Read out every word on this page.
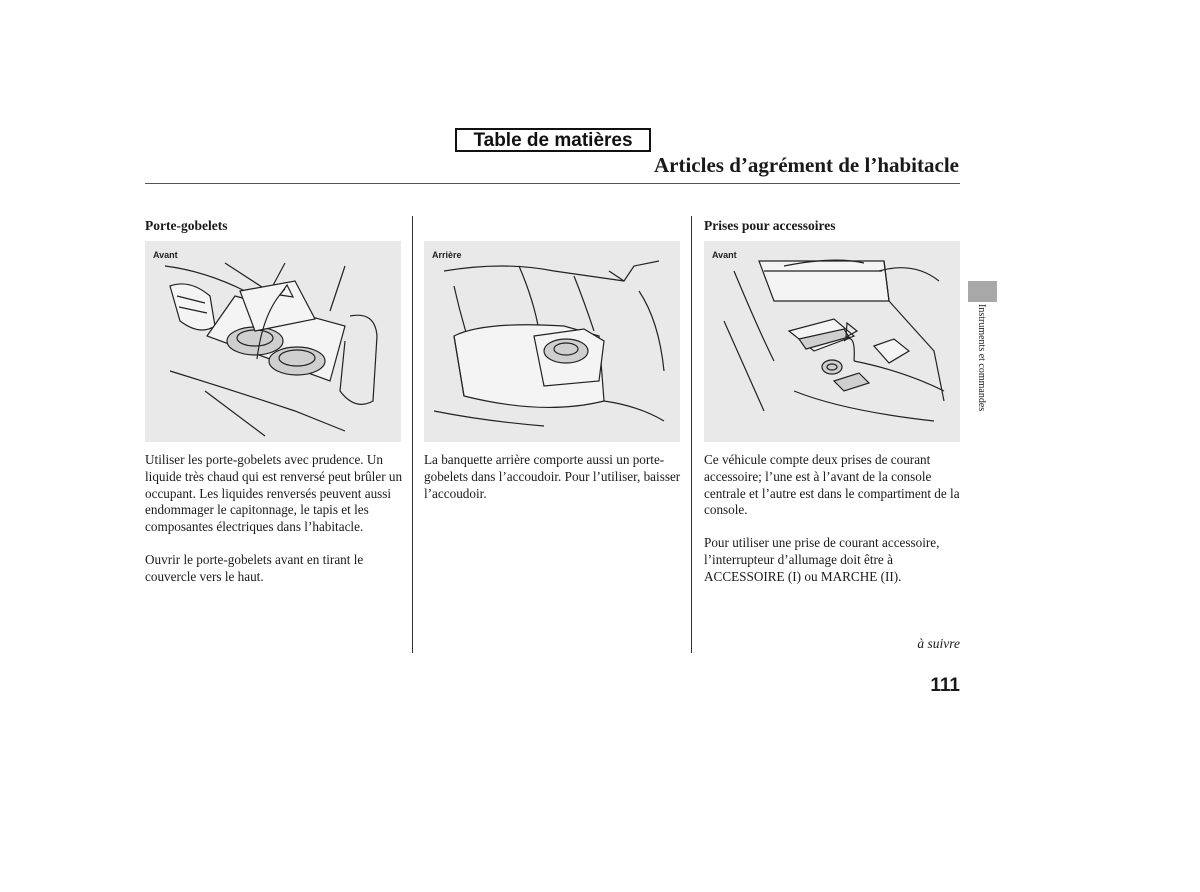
Table de matières
Articles d’agrément de l’habitacle
Porte-gobelets
Avant

Utiliser les porte-gobelets avec prudence. Un liquide très chaud qui est renversé peut brûler un occupant. Les liquides renversés peuvent aussi endommager le capitonnage, le tapis et les composantes électriques dans l’habitacle.

Ouvrir le porte-gobelets avant en tirant le couvercle vers le haut.

Arrière

La banquette arrière comporte aussi un porte-gobelets dans l’accoudoir. Pour l’utiliser, baisser l’accoudoir.

Prises pour accessoires
Avant

Ce véhicule compte deux prises de courant accessoire; l’une est à l’avant de la console centrale et l’autre est dans le compartiment de la console.

Pour utiliser une prise de courant accessoire, l’interrupteur d’allumage doit être à ACCESSOIRE (I) ou MARCHE (II).

Instruments et commandes
à suivre
111
